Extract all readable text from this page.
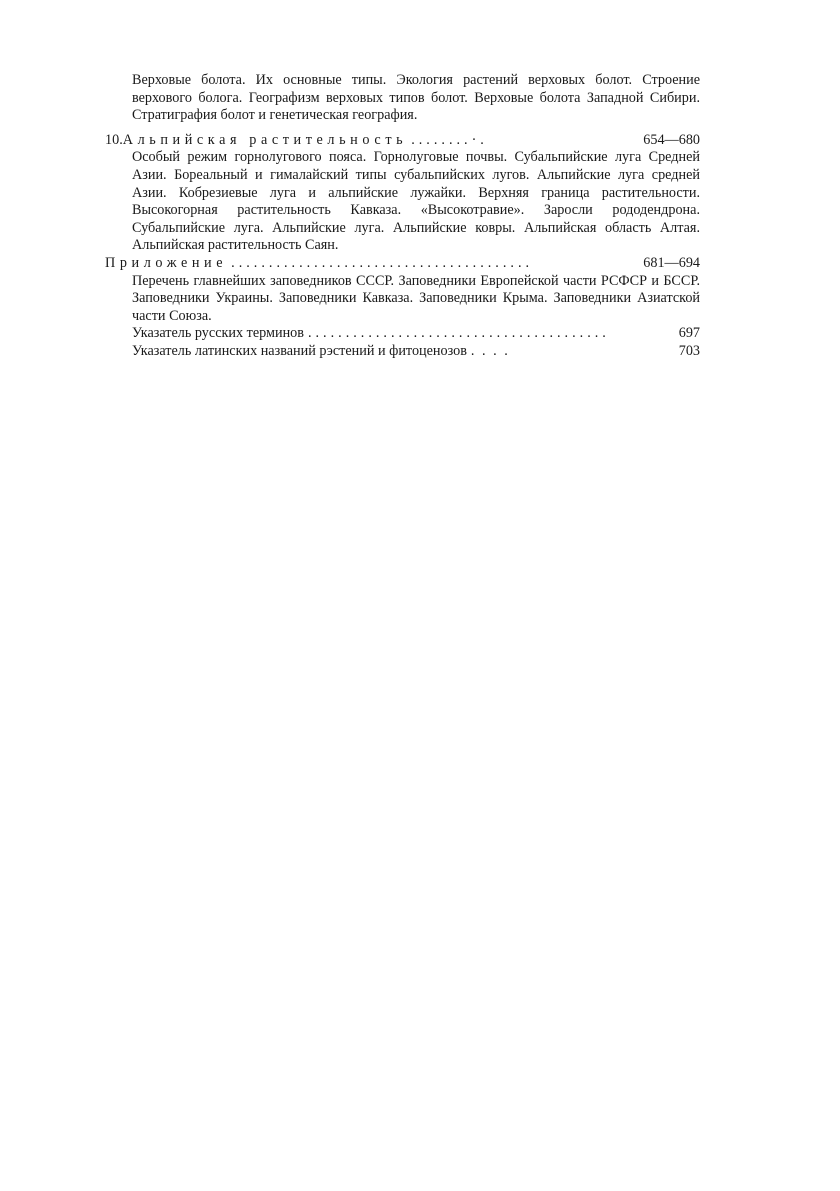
Верховые болота. Их основные типы. Экология растений верховых болот. Строение верхового болога. Географизм верховых типов болот. Верховые болота Западной Сибири. Стратиграфия болот и генетическая география.

10. Альпийская растительность ........·.	654—680

Особый режим горнолугового пояса. Горнолуговые почвы. Субальпийские луга Средней Азии. Бореальный и гималайский типы субальпийских лугов. Альпийские луга средней Азии. Кобрезиевые луга и альпийские лужайки. Верхняя граница растительности. Высокогорная растительность Кавказа. «Высокотравие». Заросли рододендрона. Субальпийские луга. Альпийские луга. Альпийские ковры. Альпийская область Алтая. Альпийская растительность Саян.

Приложение ........................................	681—694

Перечень главнейших заповедников СССР. Заповедники Европейской части РСФСР и БССР. Заповедники Украины. Заповедники Кавказа. Заповедники Крыма. Заповедники Азиатской части Союза.

Указатель русских терминов ........................................	697
Указатель латинских названий рэстений и фитоценозов . . . .	703
